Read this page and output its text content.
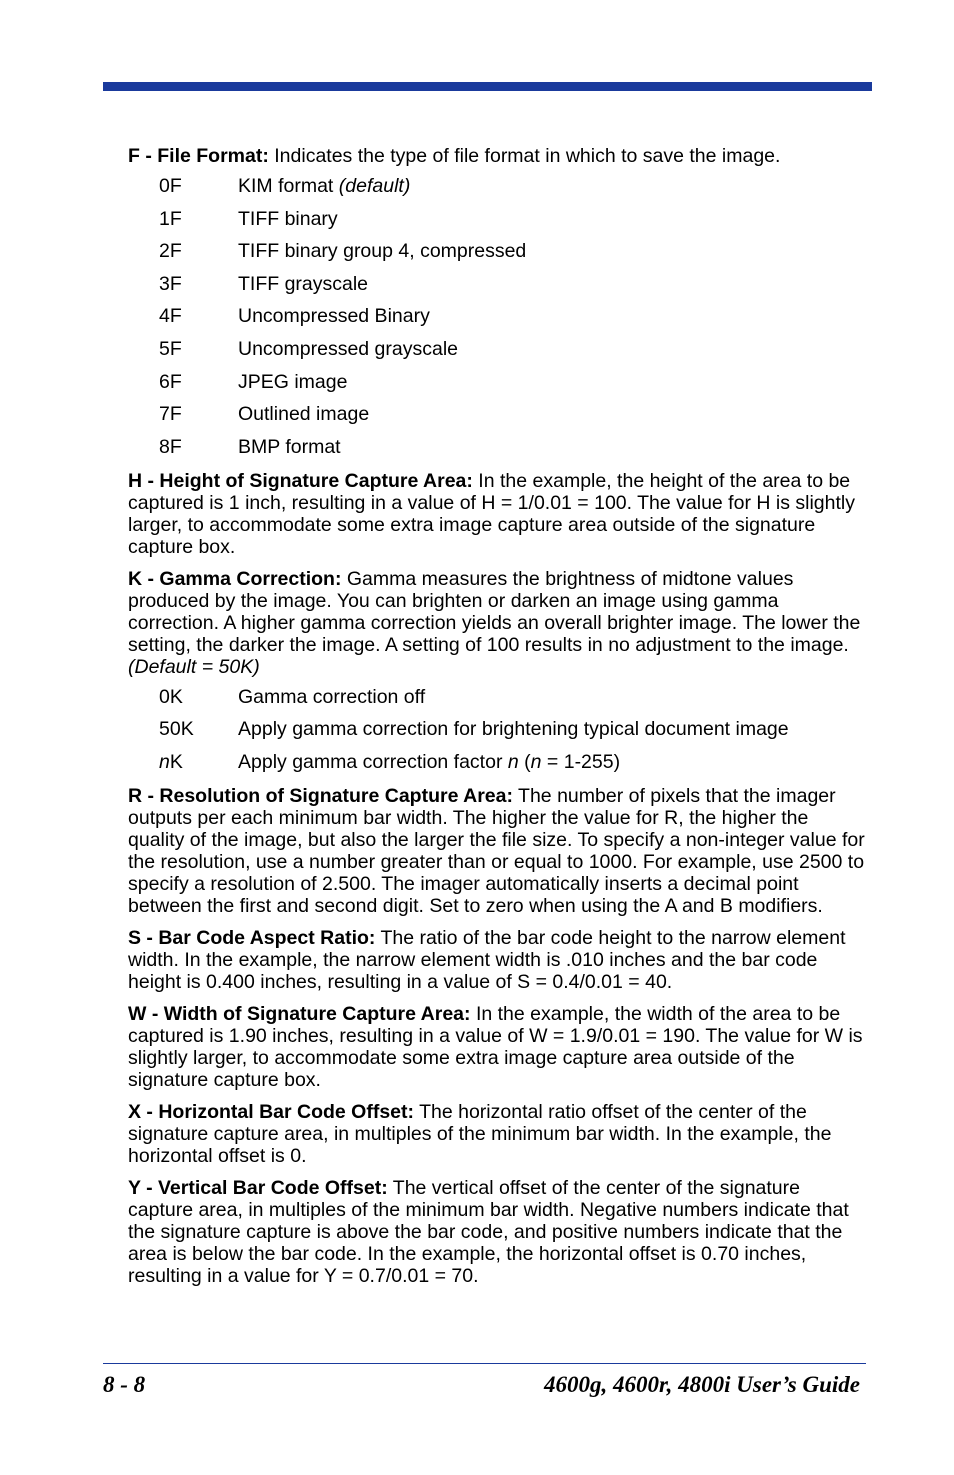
F - File Format: Indicates the type of file format in which to save the image.

0F	KIM format (default)
1F	TIFF binary
2F	TIFF binary group 4, compressed
3F	TIFF grayscale
4F	Uncompressed Binary
5F	Uncompressed grayscale
6F	JPEG image
7F	Outlined image
8F	BMP format

H - Height of Signature Capture Area: In the example, the height of the area to be captured is 1 inch, resulting in a value of H = 1/0.01 = 100. The value for H is slightly larger, to accommodate some extra image capture area outside of the signature capture box.

K - Gamma Correction: Gamma measures the brightness of midtone values produced by the image. You can brighten or darken an image using gamma correction. A higher gamma correction yields an overall brighter image. The lower the setting, the darker the image. A setting of 100 results in no adjustment to the image. (Default = 50K)

0K	Gamma correction off
50K	Apply gamma correction for brightening typical document image
nK	Apply gamma correction factor n (n = 1-255)

R - Resolution of Signature Capture Area: The number of pixels that the imager outputs per each minimum bar width. The higher the value for R, the higher the quality of the image, but also the larger the file size. To specify a non-integer value for the resolution, use a number greater than or equal to 1000. For example, use 2500 to specify a resolution of 2.500. The imager automatically inserts a decimal point between the first and second digit. Set to zero when using the A and B modifiers.

S - Bar Code Aspect Ratio: The ratio of the bar code height to the narrow element width. In the example, the narrow element width is .010 inches and the bar code height is 0.400 inches, resulting in a value of S = 0.4/0.01 = 40.

W - Width of Signature Capture Area: In the example, the width of the area to be captured is 1.90 inches, resulting in a value of W = 1.9/0.01 = 190. The value for W is slightly larger, to accommodate some extra image capture area outside of the signature capture box.

X - Horizontal Bar Code Offset: The horizontal ratio offset of the center of the signature capture area, in multiples of the minimum bar width. In the example, the horizontal offset is 0.

Y - Vertical Bar Code Offset: The vertical offset of the center of the signature capture area, in multiples of the minimum bar width. Negative numbers indicate that the signature capture is above the bar code, and positive numbers indicate that the area is below the bar code. In the example, the horizontal offset is 0.70 inches, resulting in a value for Y = 0.7/0.01 = 70.

8 - 8	4600g, 4600r, 4800i User’s Guide
